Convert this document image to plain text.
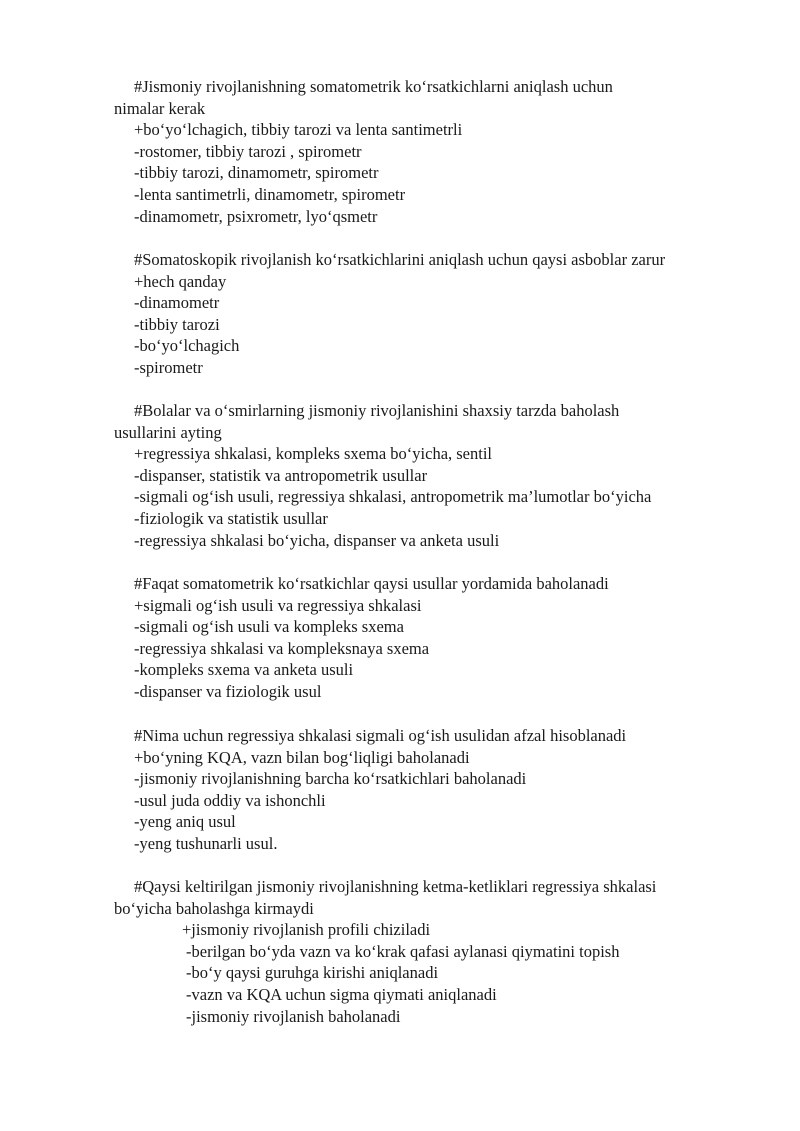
#Jismoniy rivojlanishning somatometrik ko‘rsatkichlarni aniqlash uchun
nimalar kerak
+bo‘yo‘lchagich, tibbiy tarozi va lenta santimetrli
-rostomer, tibbiy tarozi , spirometr
-tibbiy tarozi, dinamometr, spirometr
-lenta santimetrli, dinamometr, spirometr
-dinamometr, psixrometr, lyo‘qsmetr
#Somatoskopik rivojlanish ko‘rsatkichlarini aniqlash uchun qaysi asboblar zarur
+hech qanday
-dinamometr
-tibbiy tarozi
-bo‘yo‘lchagich
-spirometr
#Bolalar va o‘smirlarning jismoniy rivojlanishini shaxsiy tarzda baholash
usullarini ayting
+regressiya shkalasi, kompleks sxema bo‘yicha, sentil
-dispanser, statistik va antropometrik usullar
-sigmali og‘ish usuli, regressiya shkalasi, antropometrik ma’lumotlar bo‘yicha
-fiziologik va statistik usullar
-regressiya shkalasi bo‘yicha, dispanser va anketa usuli
#Faqat somatometrik ko‘rsatkichlar qaysi usullar yordamida baholanadi
+sigmali og‘ish usuli va regressiya shkalasi
-sigmali og‘ish usuli va kompleks sxema
-regressiya shkalasi va kompleksnaya sxema
-kompleks sxema va anketa usuli
-dispanser va fiziologik usul
#Nima uchun regressiya shkalasi sigmali og‘ish usulidan afzal hisoblanadi
+bo‘yning KQA, vazn bilan bog‘liqligi baholanadi
-jismoniy rivojlanishning barcha ko‘rsatkichlari baholanadi
-usul juda oddiy va ishonchli
-yeng aniq usul
-yeng tushunarli usul.
#Qaysi keltirilgan jismoniy rivojlanishning ketma-ketliklari regressiya shkalasi
bo‘yicha baholashga kirmaydi
+jismoniy rivojlanish profili chiziladi
-berilgan bo‘yda vazn va ko‘krak qafasi aylanasi qiymatini topish
-bo‘y qaysi guruhga kirishi aniqlanadi
-vazn va KQA uchun sigma qiymati aniqlanadi
-jismoniy rivojlanish baholanadi
